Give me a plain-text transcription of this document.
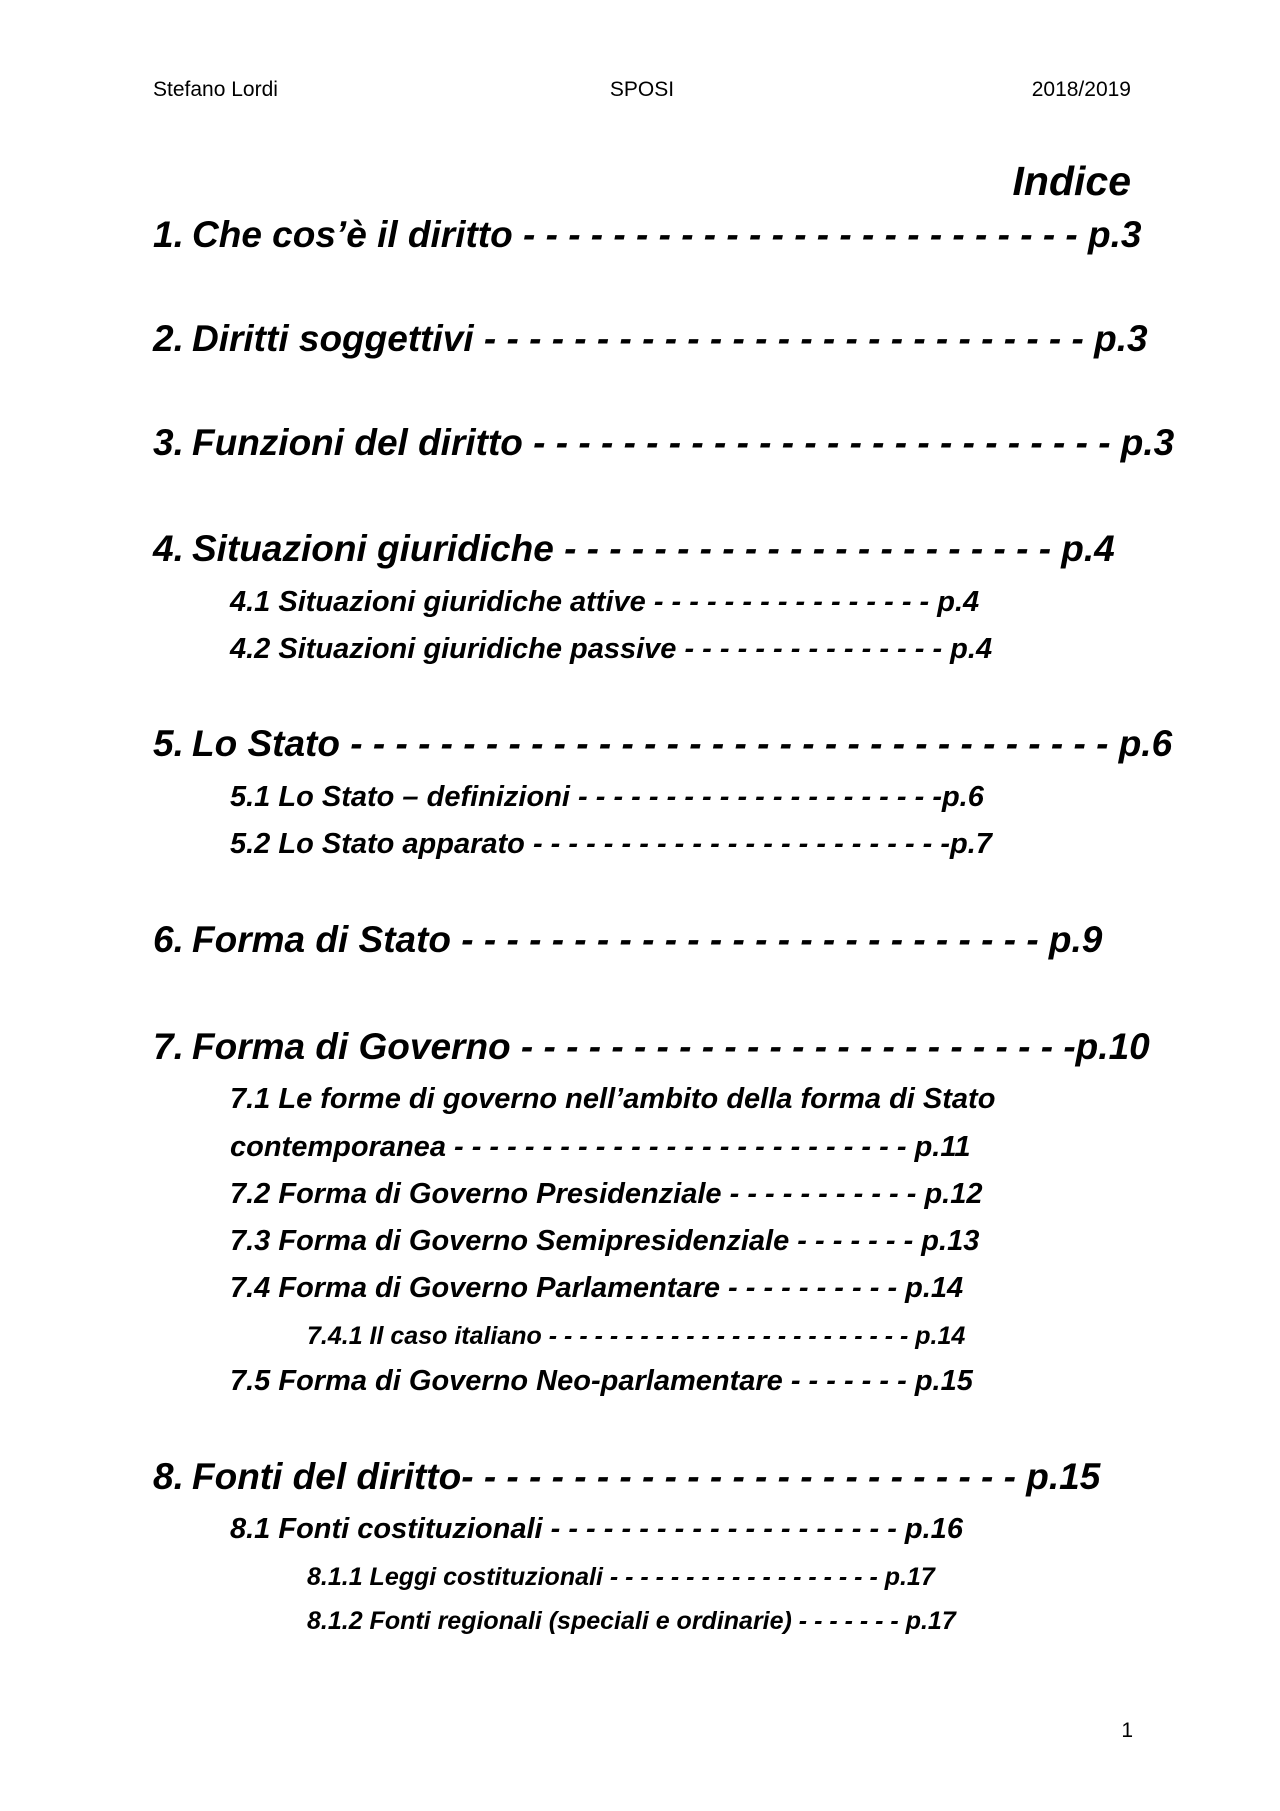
Stefano Lordi	SPOSI	2018/2019
Indice
1. Che cos’è il diritto - - - - - - - - - - - - - - - - - - - - - - - - - p.3
2. Diritti soggettivi - - - - - - - - - - - - - - - - - - - - - - - - - - - p.3
3. Funzioni del diritto - - - - - - - - - - - - - - - - - - - - - - - - - - p.3
4. Situazioni giuridiche - - - - - - - - - - - - - - - - - - - - - - p.4
4.1 Situazioni giuridiche attive - - - - - - - - - - - - - - - - p.4
4.2 Situazioni giuridiche passive - - - - - - - - - - - - - - - p.4
5. Lo Stato - - - - - - - - - - - - - - - - - - - - - - - - - - - - - - - - - - p.6
5.1 Lo Stato – definizioni - - - - - - - - - - - - - - - - - - - - -p.6
5.2 Lo Stato apparato - - - - - - - - - - - - - - - - - - - - - - - -p.7
6. Forma di Stato - - - - - - - - - - - - - - - - - - - - - - - - - - p.9
7. Forma di Governo - - - - - - - - - - - - - - - - - - - - - - - - -p.10
7.1 Le forme di governo nell’ambito della forma di Stato
contemporanea - - - - - - - - - - - - - - - - - - - - - - - - - - p.11
7.2 Forma di Governo Presidenziale - - - - - - - - - - - p.12
7.3 Forma di Governo Semipresidenziale - - - - - - - p.13
7.4 Forma di Governo Parlamentare - - - - - - - - - - p.14
7.4.1 Il caso italiano - - - - - - - - - - - - - - - - - - - - - - - - p.14
7.5 Forma di Governo Neo-parlamentare - - - - - - - p.15
8. Fonti del diritto- - - - - - - - - - - - - - - - - - - - - - - - - p.15
8.1 Fonti costituzionali - - - - - - - - - - - - - - - - - - - - p.16
8.1.1 Leggi costituzionali - - - - - - - - - - - - - - - - - - p.17
8.1.2 Fonti regionali (speciali e ordinarie) - - - - - - - p.17
1
